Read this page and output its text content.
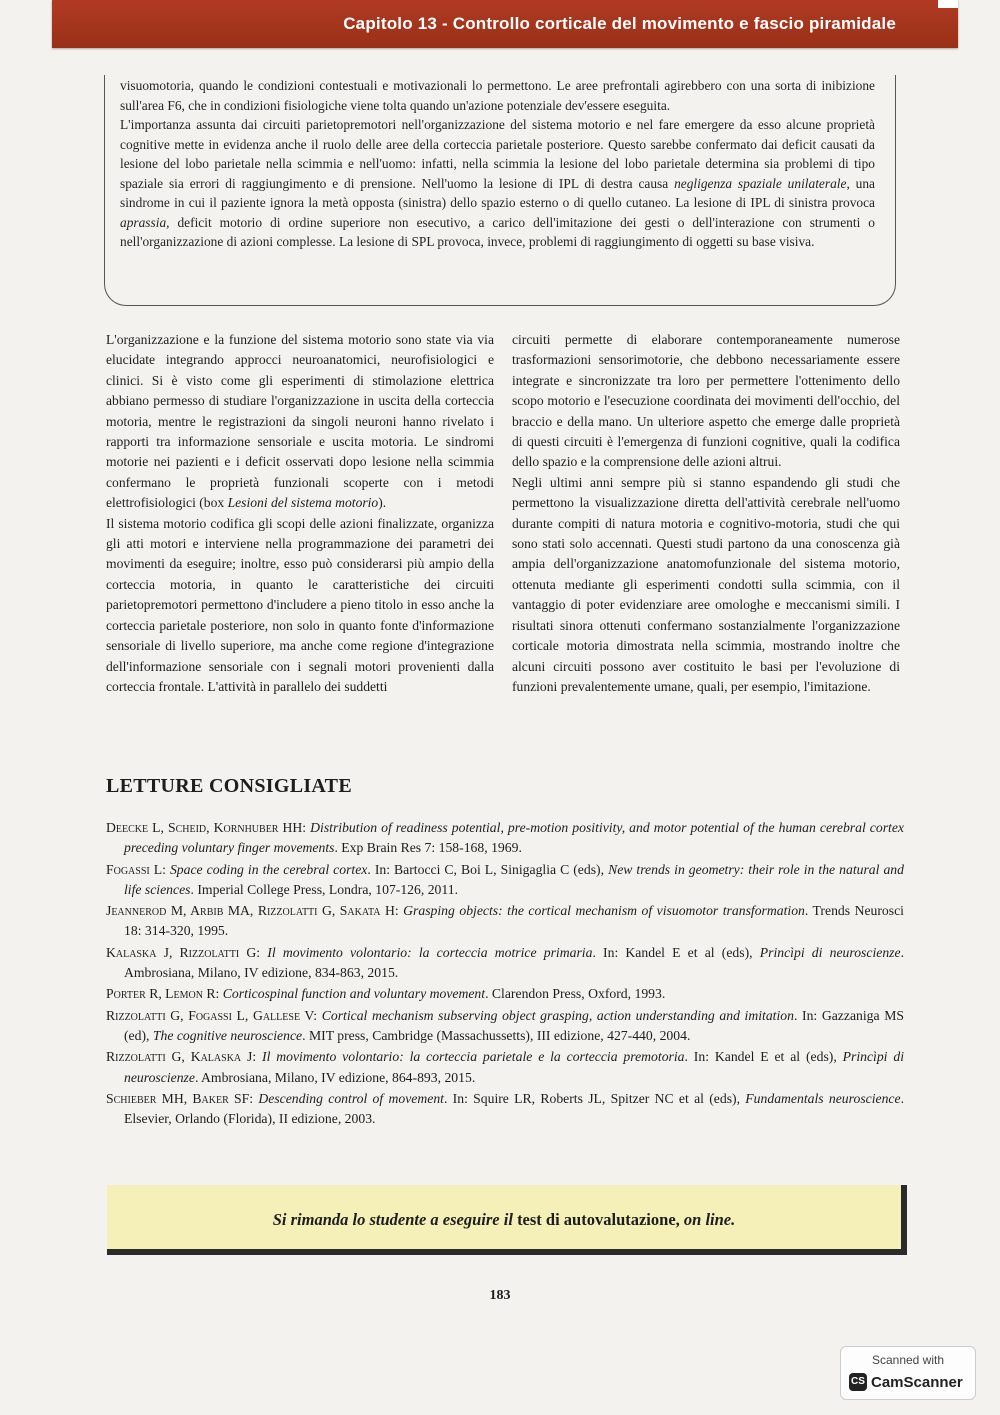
Capitolo 13 - Controllo corticale del movimento e fascio piramidale
visuomotoria, quando le condizioni contestuali e motivazionali lo permettono. Le aree prefrontali agirebbero con una sorta di inibizione sull'area F6, che in condizioni fisiologiche viene tolta quando un'azione potenziale dev'essere eseguita.
L'importanza assunta dai circuiti parietopremotori nell'organizzazione del sistema motorio e nel fare emergere da esso alcune proprietà cognitive mette in evidenza anche il ruolo delle aree della corteccia parietale posteriore. Questo sarebbe confermato dai deficit causati da lesione del lobo parietale nella scimmia e nell'uomo: infatti, nella scimmia la lesione del lobo parietale determina sia problemi di tipo spaziale sia errori di raggiungimento e di prensione. Nell'uomo la lesione di IPL di destra causa negligenza spaziale unilaterale, una sindrome in cui il paziente ignora la metà opposta (sinistra) dello spazio esterno o di quello cutaneo. La lesione di IPL di sinistra provoca aprassia, deficit motorio di ordine superiore non esecutivo, a carico dell'imitazione dei gesti o dell'interazione con strumenti o nell'organizzazione di azioni complesse. La lesione di SPL provoca, invece, problemi di raggiungimento di oggetti su base visiva.

L'organizzazione e la funzione del sistema motorio sono state via via elucidate integrando approcci neuroanatomici, neurofisiologici e clinici. Si è visto come gli esperimenti di stimolazione elettrica abbiano permesso di studiare l'organizzazione in uscita della corteccia motoria, mentre le registrazioni da singoli neuroni hanno rivelato i rapporti tra informazione sensoriale e uscita motoria. Le sindromi motorie nei pazienti e i deficit osservati dopo lesione nella scimmia confermano le proprietà funzionali scoperte con i metodi elettrofisiologici (box Lesioni del sistema motorio).

Il sistema motorio codifica gli scopi delle azioni finalizzate, organizza gli atti motori e interviene nella programmazione dei parametri dei movimenti da eseguire; inoltre, esso può considerarsi più ampio della corteccia motoria, in quanto le caratteristiche dei circuiti parietopremotori permettono d'includere a pieno titolo in esso anche la corteccia parietale posteriore, non solo in quanto fonte d'informazione sensoriale di livello superiore, ma anche come regione d'integrazione dell'informazione sensoriale con i segnali motori provenienti dalla corteccia frontale. L'attività in parallelo dei suddetti

circuiti permette di elaborare contemporaneamente numerose trasformazioni sensorimotorie, che debbono necessariamente essere integrate e sincronizzate tra loro per permettere l'ottenimento dello scopo motorio e l'esecuzione coordinata dei movimenti dell'occhio, del braccio e della mano. Un ulteriore aspetto che emerge dalle proprietà di questi circuiti è l'emergenza di funzioni cognitive, quali la codifica dello spazio e la comprensione delle azioni altrui.

Negli ultimi anni sempre più si stanno espandendo gli studi che permettono la visualizzazione diretta dell'attività cerebrale nell'uomo durante compiti di natura motoria e cognitivo-motoria, studi che qui sono stati solo accennati. Questi studi partono da una conoscenza già ampia dell'organizzazione anatomofunzionale del sistema motorio, ottenuta mediante gli esperimenti condotti sulla scimmia, con il vantaggio di poter evidenziare aree omologhe e meccanismi simili. I risultati sinora ottenuti confermano sostanzialmente l'organizzazione corticale motoria dimostrata nella scimmia, mostrando inoltre che alcuni circuiti possono aver costituito le basi per l'evoluzione di funzioni prevalentemente umane, quali, per esempio, l'imitazione.

LETTURE CONSIGLIATE

Deecke L, Scheid, Kornhuber HH: Distribution of readiness potential, pre-motion positivity, and motor potential of the human cerebral cortex preceding voluntary finger movements. Exp Brain Res 7: 158-168, 1969.

Fogassi L: Space coding in the cerebral cortex. In: Bartocci C, Boi L, Sinigaglia C (eds), New trends in geometry: their role in the natural and life sciences. Imperial College Press, Londra, 107-126, 2011.

Jeannerod M, Arbib MA, Rizzolatti G, Sakata H: Grasping objects: the cortical mechanism of visuomotor transformation. Trends Neurosci 18: 314-320, 1995.

Kalaska J, Rizzolatti G: Il movimento volontario: la corteccia motrice primaria. In: Kandel E et al (eds), Princìpi di neuroscienze. Ambrosiana, Milano, IV edizione, 834-863, 2015.

Porter R, Lemon R: Corticospinal function and voluntary movement. Clarendon Press, Oxford, 1993.

Rizzolatti G, Fogassi L, Gallese V: Cortical mechanism subserving object grasping, action understanding and imitation. In: Gazzaniga MS (ed), The cognitive neuroscience. MIT press, Cambridge (Massachussetts), III edizione, 427-440, 2004.

Rizzolatti G, Kalaska J: Il movimento volontario: la corteccia parietale e la corteccia premotoria. In: Kandel E et al (eds), Princìpi di neuroscienze. Ambrosiana, Milano, IV edizione, 864-893, 2015.

Schieber MH, Baker SF: Descending control of movement. In: Squire LR, Roberts JL, Spitzer NC et al (eds), Fundamentals neuroscience. Elsevier, Orlando (Florida), II edizione, 2003.

Si rimanda lo studente a eseguire il test di autovalutazione, on line.
183
Scanned with
CS CamScanner
